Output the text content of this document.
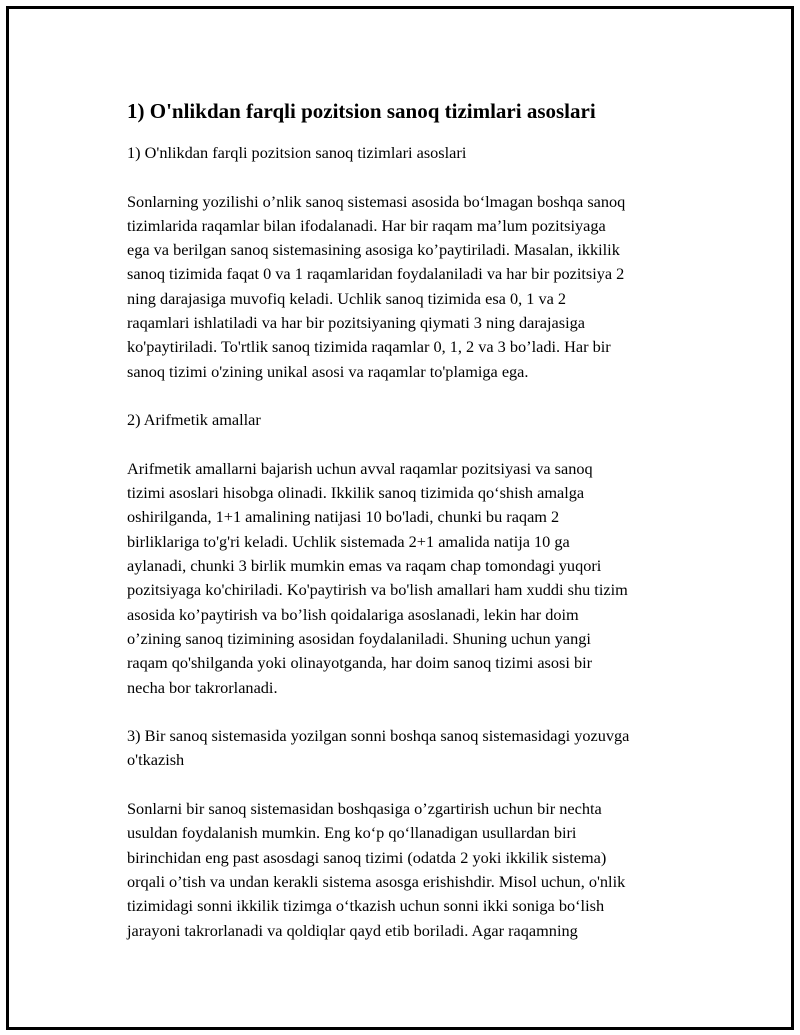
1) O'nlikdan farqli pozitsion sanoq tizimlari asoslari
1) O'nlikdan farqli pozitsion sanoq tizimlari asoslari
Sonlarning yozilishi o’nlik sanoq sistemasi asosida bo‘lmagan boshqa sanoq
tizimlarida raqamlar bilan ifodalanadi. Har bir raqam ma’lum pozitsiyaga
ega va berilgan sanoq sistemasining asosiga ko’paytiriladi. Masalan, ikkilik
sanoq tizimida faqat 0 va 1 raqamlaridan foydalaniladi va har bir pozitsiya 2
ning darajasiga muvofiq keladi. Uchlik sanoq tizimida esa 0, 1 va 2
raqamlari ishlatiladi va har bir pozitsiyaning qiymati 3 ning darajasiga
ko'paytiriladi. To'rtlik sanoq tizimida raqamlar 0, 1, 2 va 3 bo’ladi. Har bir
sanoq tizimi o'zining unikal asosi va raqamlar to'plamiga ega.
2) Arifmetik amallar
Arifmetik amallarni bajarish uchun avval raqamlar pozitsiyasi va sanoq
tizimi asoslari hisobga olinadi. Ikkilik sanoq tizimida qo‘shish amalga
oshirilganda, 1+1 amalining natijasi 10 bo'ladi, chunki bu raqam 2
birliklariga to'g'ri keladi. Uchlik sistemada 2+1 amalida natija 10 ga
aylanadi, chunki 3 birlik mumkin emas va raqam chap tomondagi yuqori
pozitsiyaga ko'chiriladi. Ko'paytirish va bo'lish amallari ham xuddi shu tizim
asosida ko’paytirish va bo’lish qoidalariga asoslanadi, lekin har doim
o’zining sanoq tizimining asosidan foydalaniladi. Shuning uchun yangi
raqam qo'shilganda yoki olinayotganda, har doim sanoq tizimi asosi bir
necha bor takrorlanadi.
3) Bir sanoq sistemasida yozilgan sonni boshqa sanoq sistemasidagi yozuvga
o'tkazish
Sonlarni bir sanoq sistemasidan boshqasiga o’zgartirish uchun bir nechta
usuldan foydalanish mumkin. Eng ko‘p qo‘llanadigan usullardan biri
birinchidan eng past asosdagi sanoq tizimi (odatda 2 yoki ikkilik sistema)
orqali o’tish va undan kerakli sistema asosga erishishdir. Misol uchun, o'nlik
tizimidagi sonni ikkilik tizimga o‘tkazish uchun sonni ikki soniga bo‘lish
jarayoni takrorlanadi va qoldiqlar qayd etib boriladi. Agar raqamning
